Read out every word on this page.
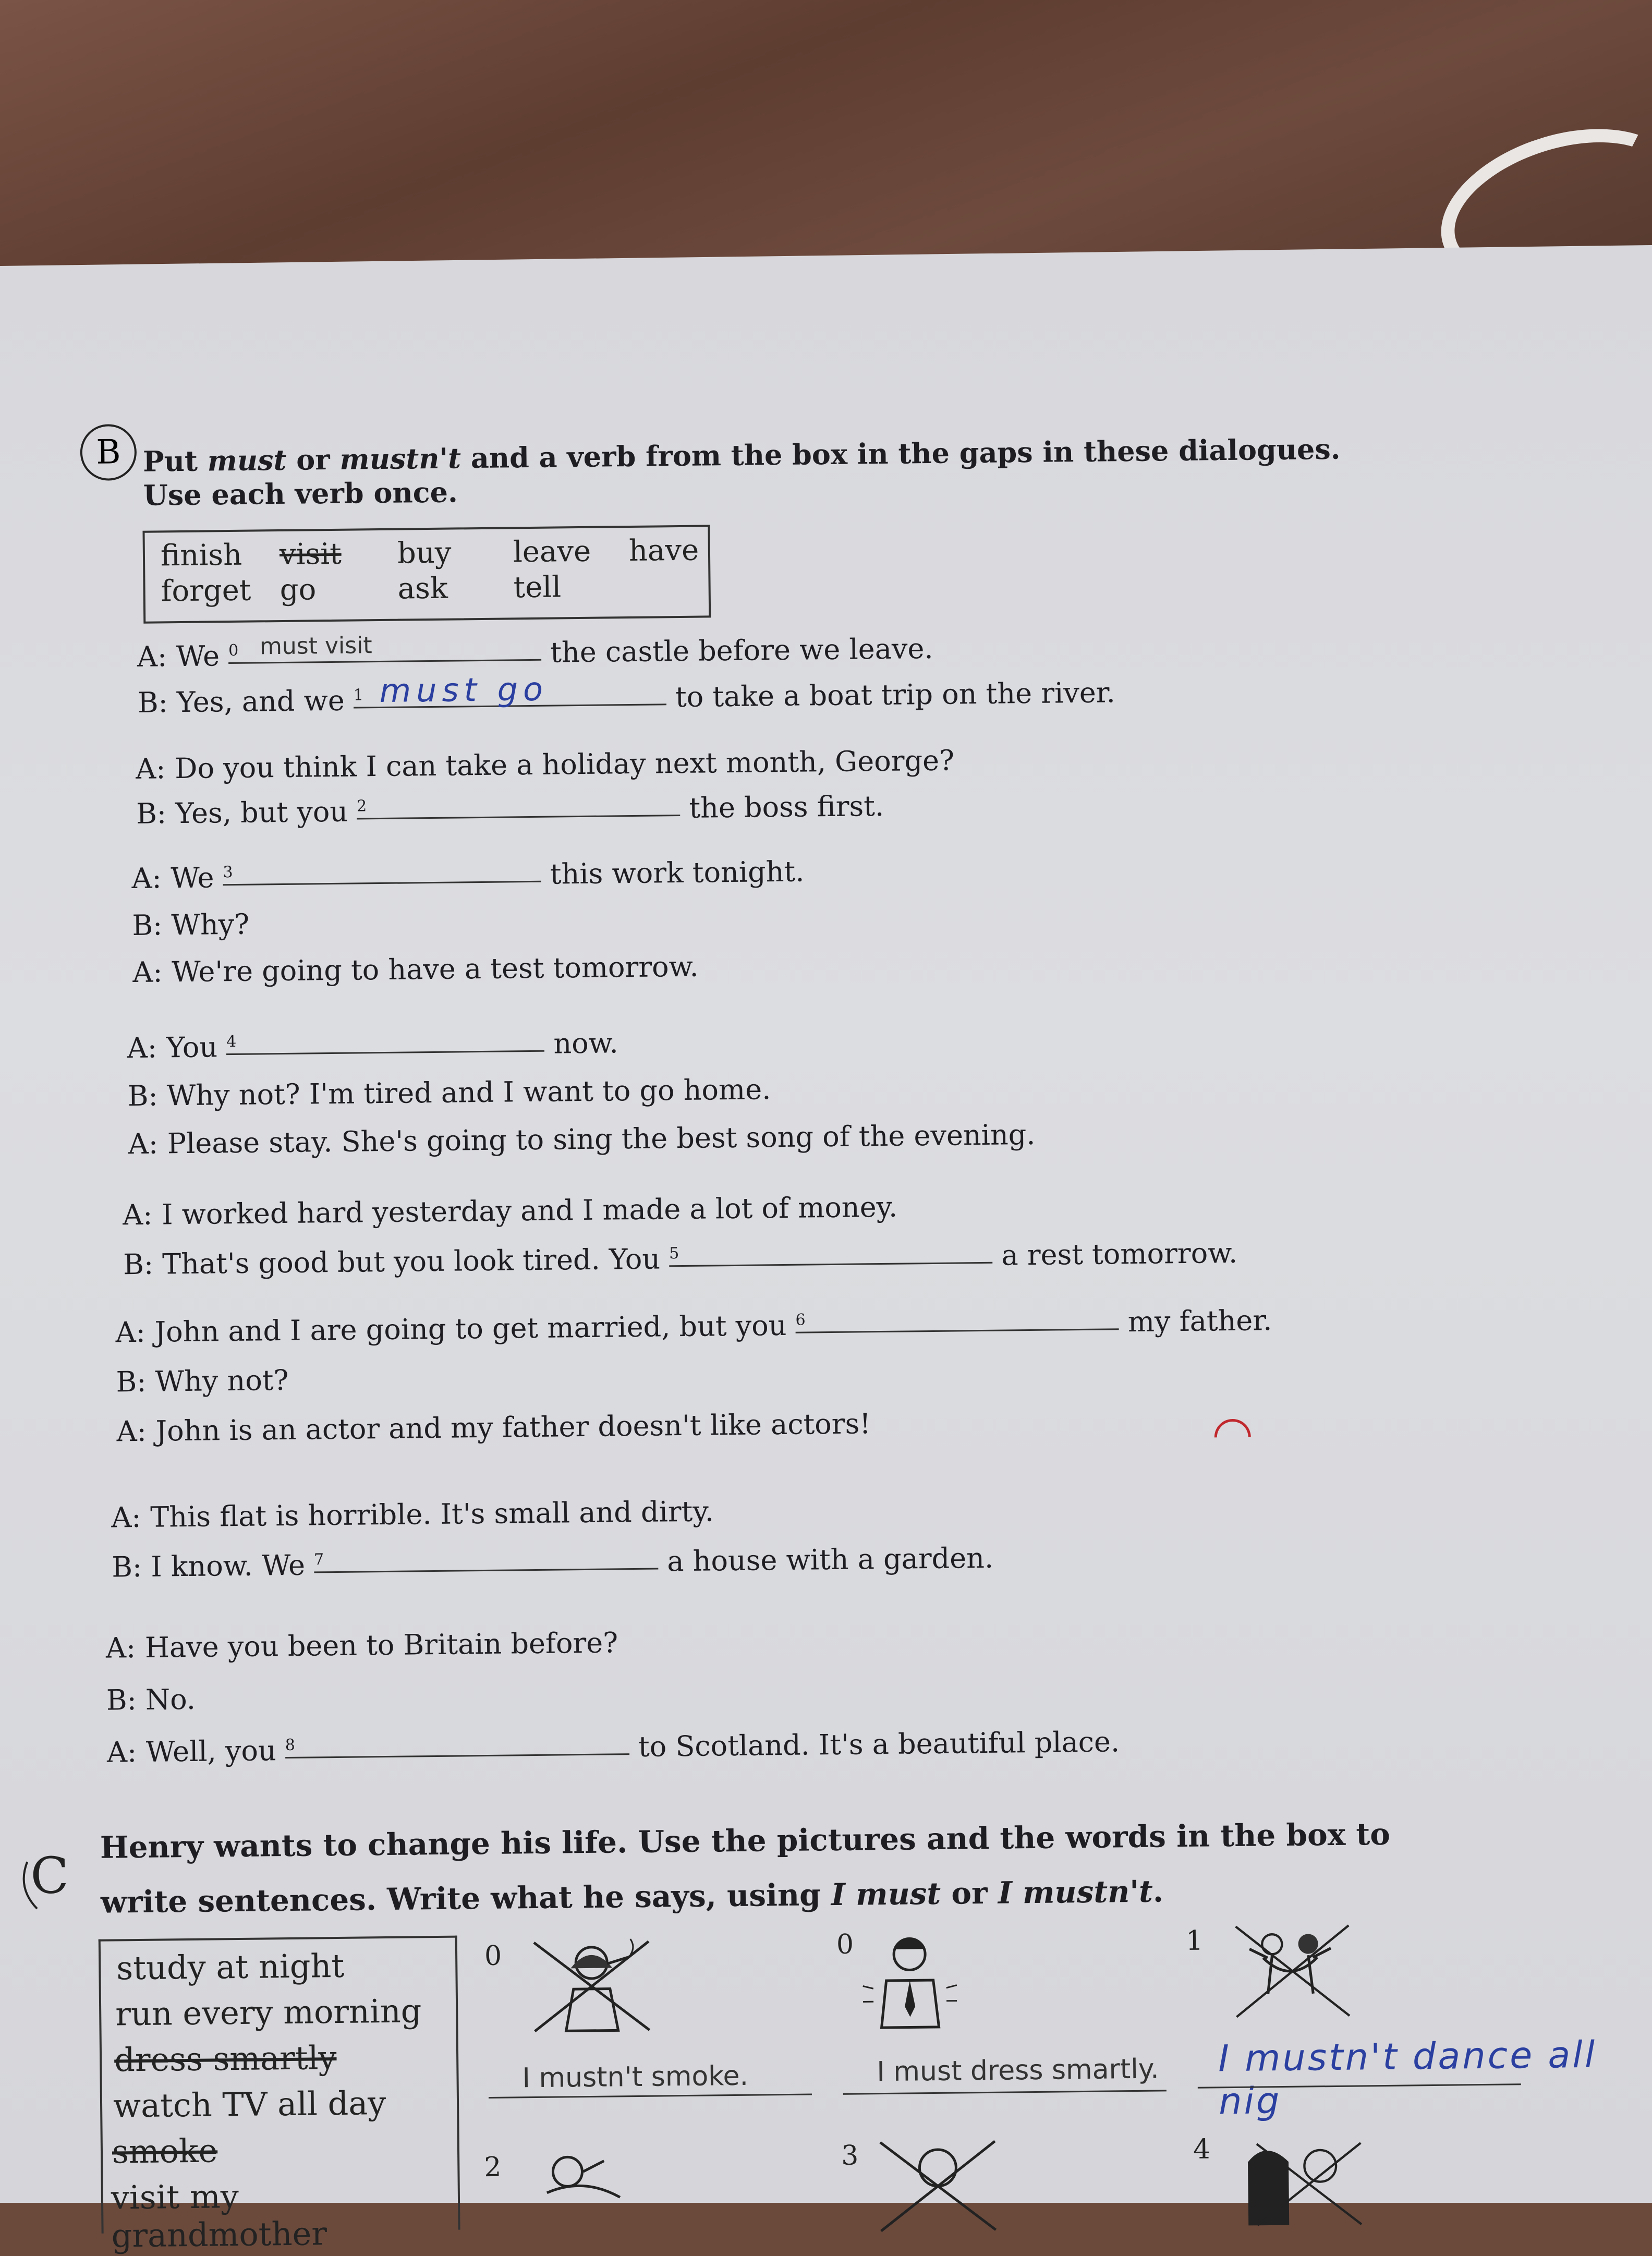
B Put must or mustn't and a verb from the box in the gaps in these dialogues.
Use each verb once.
finish visit buy leave have
forget go	ask tell
A: We $^0$ must visit	the castle before we leave.
B: Yes, and we $^1$ must go	to take a boat trip on the river.
A: Do you think I can take a holiday next month, George?
B: Yes, but you $^2$	the boss first.
A: We $^3$	this work tonight.
B: Why?
A: We're going to have a test tomorrow.
A: You $^4$	now.
B: Why not? I'm tired and I want to go home.
A: Please stay. She's going to sing the best song of the evening.
A: I worked hard yesterday and I made a lot of money.
B: That's good but you look tired. You $^5$	a rest tomorrow.
A: John and I are going to get married, but you $^6$	my father.
B: Why not?
A: John is an actor and my father doesn't like actors!
A: This flat is horrible. It's small and dirty.
B: I know. We $^7$	a house with a garden.
A: Have you been to Britain before?
B: No.
A: Well, you $^8$	to Scotland. It's a beautiful place.
C
Henry wants to change his life. Use the pictures and the words in the box to
write sentences. Write what he says, using I must or I mustn't.
study at night
run every morning
dress smartly
watch TV all day
smoke
visit my grandmother
0
I mustn't smoke.
0
I must dress smartly.
1
I mustn't dance all nig
2	3	4
